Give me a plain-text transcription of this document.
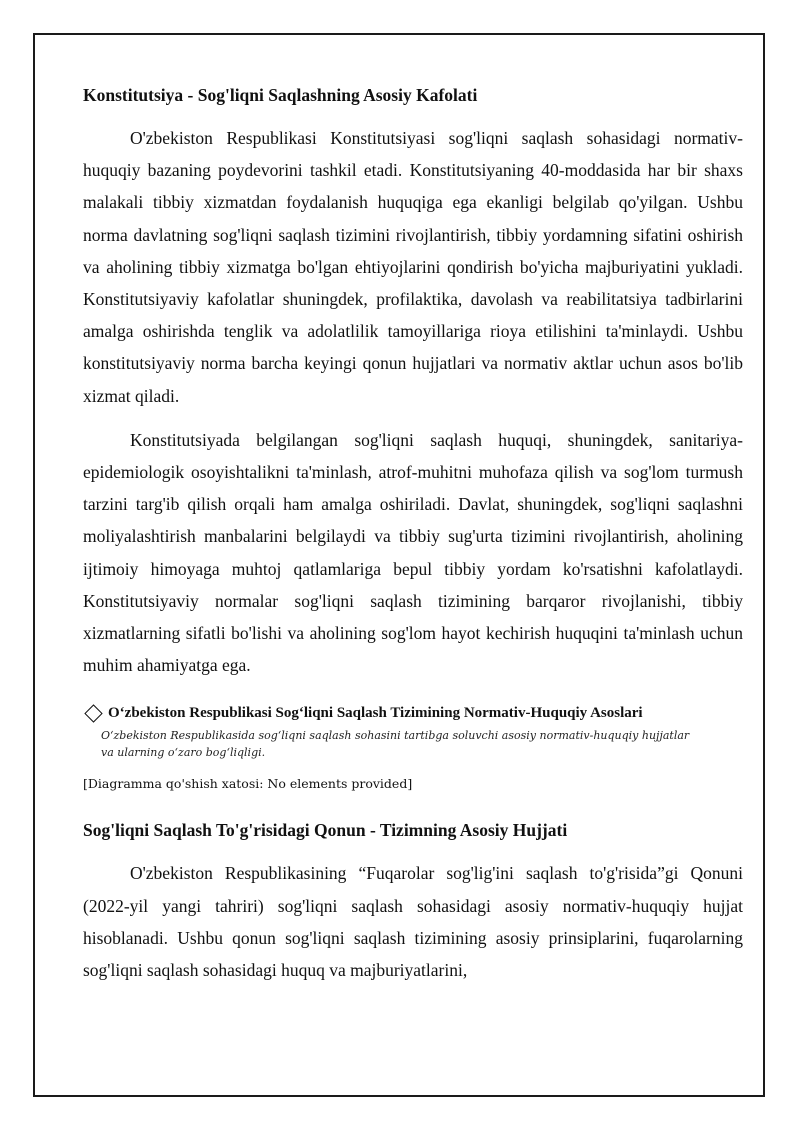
Konstitutsiya - Sog'liqni Saqlashning Asosiy Kafolati

O'zbekiston Respublikasi Konstitutsiyasi sog'liqni saqlash sohasidagi normativ-huquqiy bazaning poydevorini tashkil etadi. Konstitutsiyaning 40-moddasida har bir shaxs malakali tibbiy xizmatdan foydalanish huquqiga ega ekanligi belgilab qo'yilgan. Ushbu norma davlatning sog'liqni saqlash tizimini rivojlantirish, tibbiy yordamning sifatini oshirish va aholining tibbiy xizmatga bo'lgan ehtiyojlarini qondirish bo'yicha majburiyatini yukladi. Konstitutsiyaviy kafolatlar shuningdek, profilaktika, davolash va reabilitatsiya tadbirlarini amalga oshirishda tenglik va adolatlilik tamoyillariga rioya etilishini ta'minlaydi. Ushbu konstitutsiyaviy norma barcha keyingi qonun hujjatlari va normativ aktlar uchun asos bo'lib xizmat qiladi.

Konstitutsiyada belgilangan sog'liqni saqlash huquqi, shuningdek, sanitariya-epidemiologik osoyishtalikni ta'minlash, atrof-muhitni muhofaza qilish va sog'lom turmush tarzini targ'ib qilish orqali ham amalga oshiriladi. Davlat, shuningdek, sog'liqni saqlashni moliyalashtirish manbalarini belgilaydi va tibbiy sug'urta tizimini rivojlantirish, aholining ijtimoiy himoyaga muhtoj qatlamlariga bepul tibbiy yordam ko'rsatishni kafolatlaydi. Konstitutsiyaviy normalar sog'liqni saqlash tizimining barqaror rivojlanishi, tibbiy xizmatlarning sifatli bo'lishi va aholining sog'lom hayot kechirish huquqini ta'minlash uchun muhim ahamiyatga ega.

O‘zbekiston Respublikasi Sog‘liqni Saqlash Tizimining Normativ-Huquqiy Asoslari
O‘zbekiston Respublikasida sog‘liqni saqlash sohasini tartibga soluvchi asosiy normativ-huquqiy hujjatlar va ularning o‘zaro bog‘liqligi.
[Diagramma qo'shish xatosi: No elements provided]
Sog'liqni Saqlash To'g'risidagi Qonun - Tizimning Asosiy Hujjati

O'zbekiston Respublikasining “Fuqarolar sog'lig'ini saqlash to'g'risida”gi Qonuni (2022-yil yangi tahriri) sog'liqni saqlash sohasidagi asosiy normativ-huquqiy hujjat hisoblanadi. Ushbu qonun sog'liqni saqlash tizimining asosiy prinsiplarini, fuqarolarning sog'liqni saqlash sohasidagi huquq va majburiyatlarini,
